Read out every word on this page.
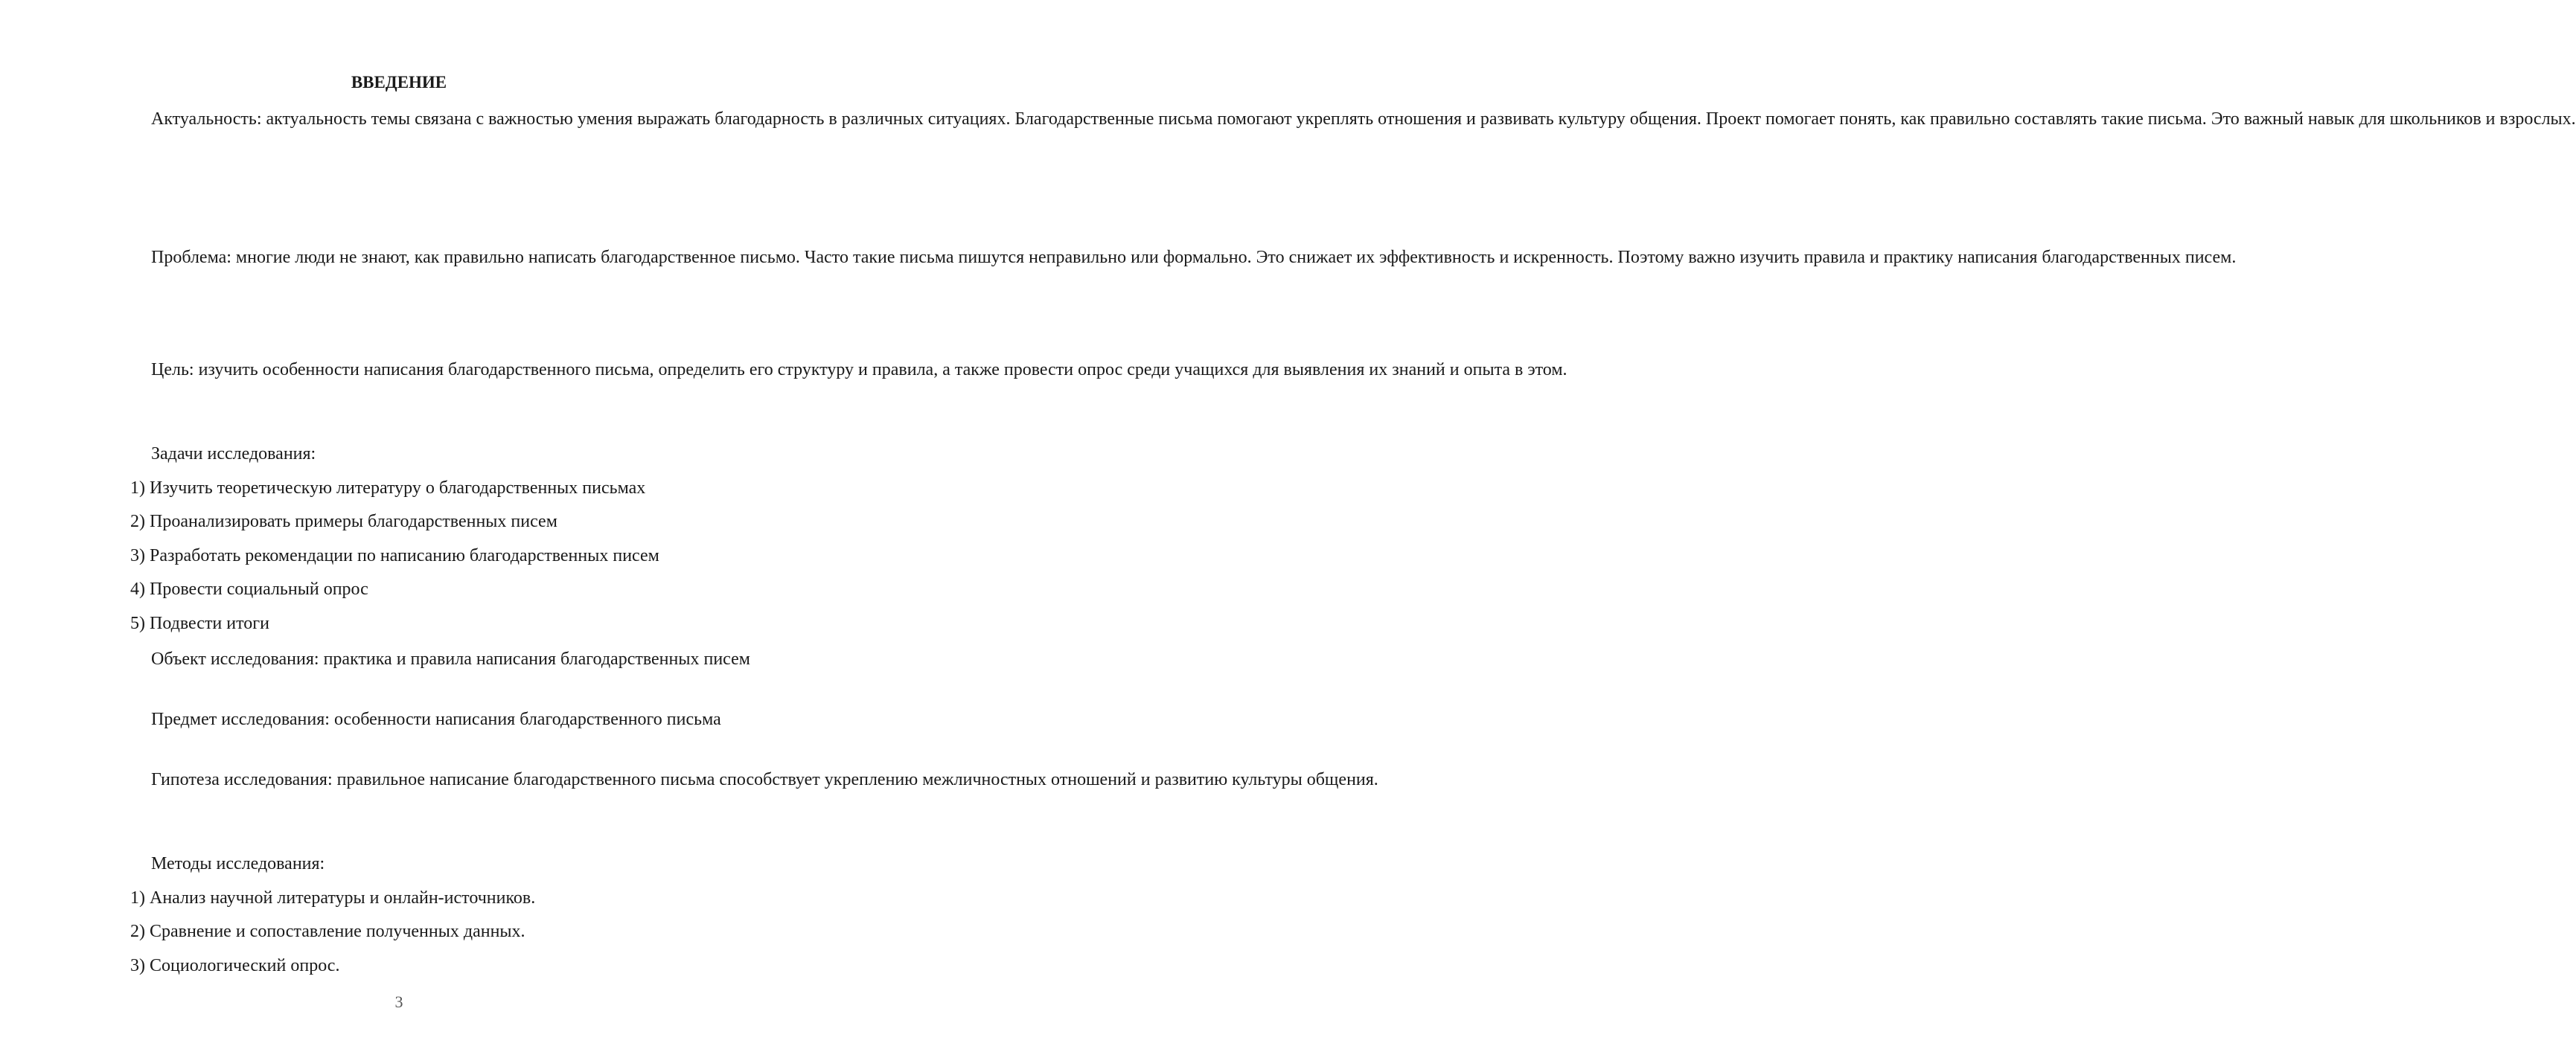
ВВЕДЕНИЕ

Актуальность: актуальность темы связана с важностью умения выражать благодарность в различных ситуациях. Благодарственные письма помогают укреплять отношения и развивать культуру общения. Проект помогает понять, как правильно составлять такие письма. Это важный навык для школьников и взрослых.

Проблема: многие люди не знают, как правильно написать благодарственное письмо. Часто такие письма пишутся неправильно или формально. Это снижает их эффективность и искренность. Поэтому важно изучить правила и практику написания благодарственных писем.

Цель: изучить особенности написания благодарственного письма, определить его структуру и правила, а также провести опрос среди учащихся для выявления их знаний и опыта в этом.

Задачи исследования:

1) Изучить теоретическую литературу о благодарственных письмах

2) Проанализировать примеры благодарственных писем

3) Разработать рекомендации по написанию благодарственных писем

4) Провести социальный опрос

5) Подвести итоги

Объект исследования: практика и правила написания благодарственных писем

Предмет исследования: особенности написания благодарственного письма

Гипотеза исследования: правильное написание благодарственного письма способствует укреплению межличностных отношений и развитию культуры общения.

Методы исследования:

1) Анализ научной литературы и онлайн-источников.

2) Сравнение и сопоставление полученных данных.

3) Социологический опрос.

3
